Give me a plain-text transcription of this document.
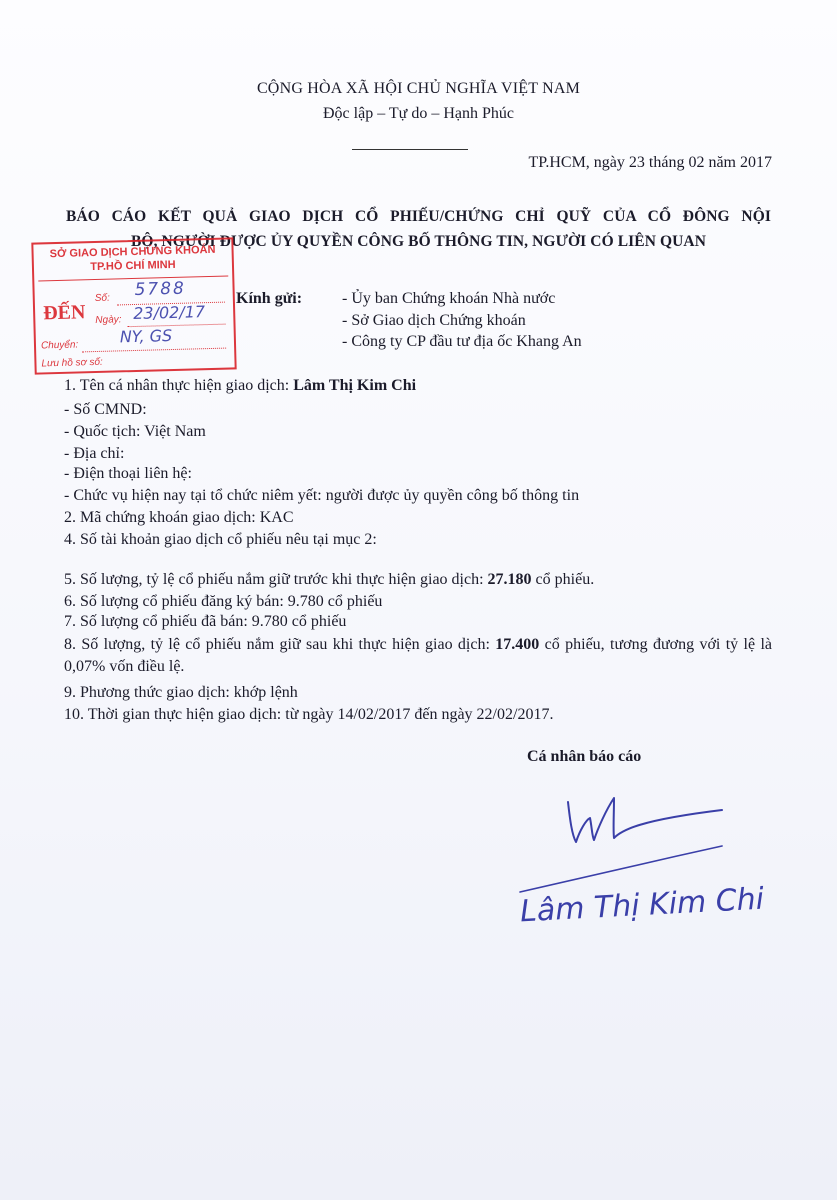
CỘNG HÒA XÃ HỘI CHỦ NGHĨA VIỆT NAM
Độc lập – Tự do – Hạnh Phúc
TP.HCM, ngày 23 tháng 02 năm 2017
BÁO CÁO KẾT QUẢ GIAO DỊCH CỔ PHIẾU/CHỨNG CHỈ QUỸ CỦA CỔ ĐÔNG NỘI
BỘ, NGƯỜI ĐƯỢC ỦY QUYỀN CÔNG BỐ THÔNG TIN, NGƯỜI CÓ LIÊN QUAN
SỞ GIAO DỊCH CHỨNG KHOÁN
TP.HỒ CHÍ MINH
ĐẾN
Số: 5788
Ngày: 23/02/17
Chuyển:	NY, GS
Lưu hồ sơ số:
Kính gửi: - Ủy ban Chứng khoán Nhà nước
- Sở Giao dịch Chứng khoán
- Công ty CP đầu tư địa ốc Khang An
1. Tên cá nhân thực hiện giao dịch: Lâm Thị Kim Chi
- Số CMND:
- Quốc tịch: Việt Nam
- Địa chỉ:
- Điện thoại liên hệ:
- Chức vụ hiện nay tại tổ chức niêm yết: người được ủy quyền công bố thông tin
2. Mã chứng khoán giao dịch: KAC
4. Số tài khoản giao dịch cổ phiếu nêu tại mục 2:
5. Số lượng, tỷ lệ cổ phiếu nắm giữ trước khi thực hiện giao dịch: 27.180 cổ phiếu.
6. Số lượng cổ phiếu đăng ký bán: 9.780 cổ phiếu
7. Số lượng cổ phiếu đã bán: 9.780 cổ phiếu
8. Số lượng, tỷ lệ cổ phiếu nắm giữ sau khi thực hiện giao dịch: 17.400 cổ phiếu, tương đương với tỷ lệ là 0,07% vốn điều lệ.
9. Phương thức giao dịch: khớp lệnh
10. Thời gian thực hiện giao dịch: từ ngày 14/02/2017 đến ngày 22/02/2017.
Cá nhân báo cáo
Lâm Thị Kim Chi
